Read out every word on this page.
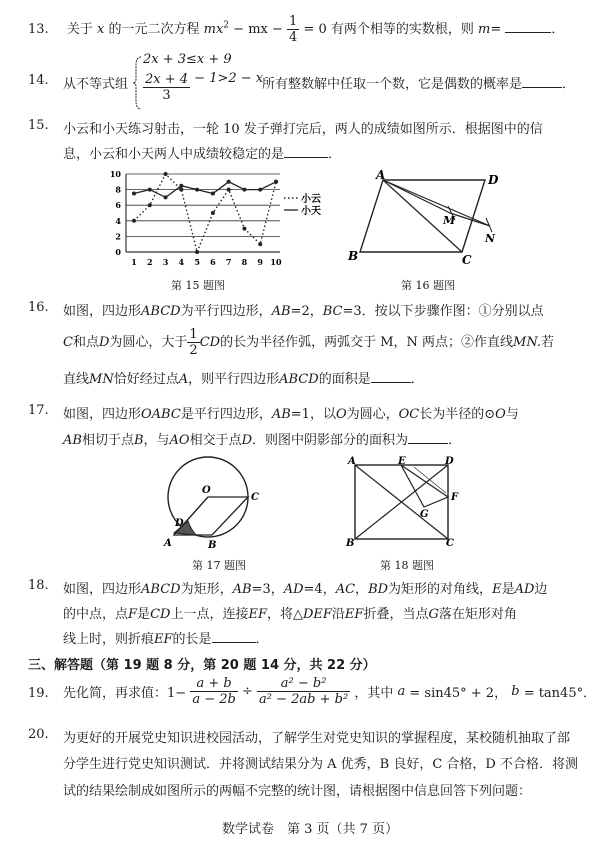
13. 关于 x 的一元二次方程 $mx^2$ − mx − $\frac{1}{4} = 0$ 有两个相等的实数根，则 m=	．
14. 从不等式组
2x + 3≤x + 9
$\frac{2x + 4}{3} - 1>2 - x$
所有整数解中任取一个数，它是偶数的概率是	．
15. 小云和小天练习射击，一轮 10 发子弹打完后，两人的成绩如图所示．根据图中的信
息，小云和小天两人中成绩较稳定的是	．
0
2
4
6
8
10
1 2 3 4 5 6 7 8 9 10
小云
小天
第 15 题图
A	D
B	C
M
N
第 16 题图
16. 如图，四边形ABCD为平行四边形，AB=2，BC=3．按以下步骤作图：①分别以点
C和点D为圆心，大于 $\frac{1}{2}$ CD的长为半径作弧，两弧交于 M，N 两点；②作直线MN.若
直线MN恰好经过点A，则平行四边形ABCD的面积是	．
17. 如图，四边形OABC是平行四边形，AB=1，以O为圆心，OC长为半径的⊙O与
AB相切于点B，与AO相交于点D．则图中阴影部分的面积为	．
O
C
D
A	B
第 17 题图
A	E	D
F
G
B	C
第 18 题图
18. 如图，四边形ABCD为矩形，AB=3，AD=4，AC，BD为矩形的对角线，E是AD边
的中点，点F是CD上一点，连接EF，将△DEF沿EF折叠，当点G落在矩形对角
线上时，则折痕EF的长是	．
三、解答题（第 19 题 8 分，第 20 题 14 分，共 22 分）
19. 先化简，再求值：$1- \frac{a + b}{a - 2b} \div \frac{\text{a² − b²}}{\text{a² − 2ab + b²}}$ ，其中 a = sin45° + 2， b = tan45°．
20. 为更好的开展党史知识进校园活动，了解学生对党史知识的掌握程度，某校随机抽取了部
分学生进行党史知识测试．并将测试结果分为 A 优秀，B 良好，C 合格，D 不合格．将测
试的结果绘制成如图所示的两幅不完整的统计图，请根据图中信息回答下列问题：
数学试卷　第 3 页（共 7 页）
